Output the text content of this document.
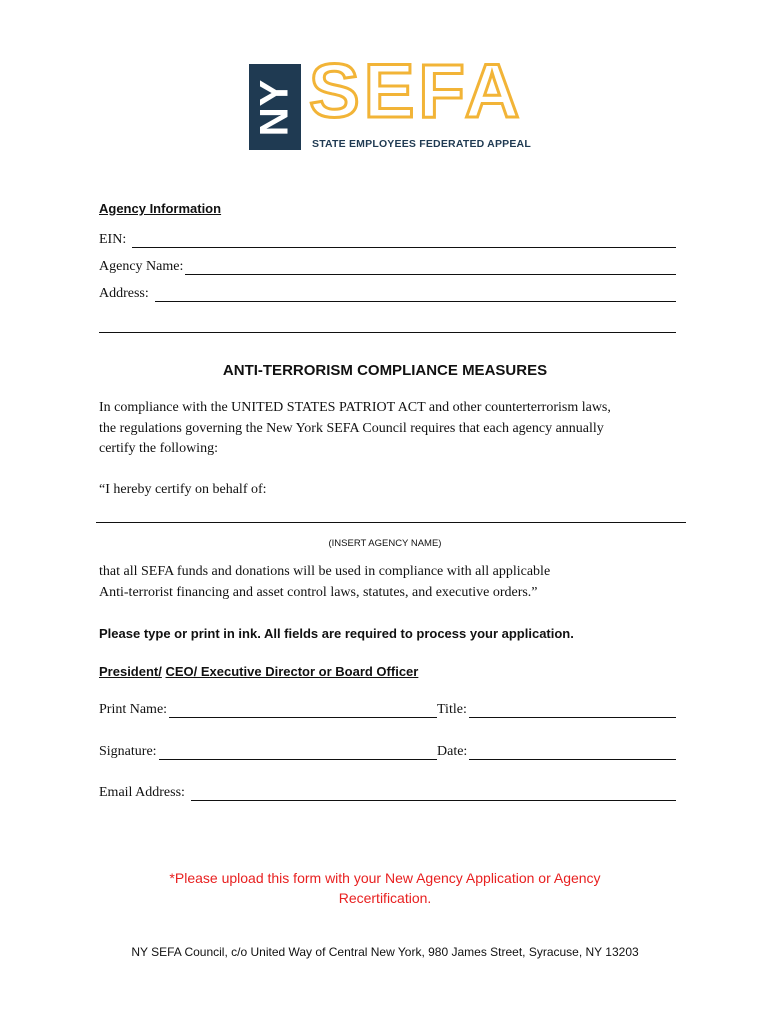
NY SEFA
STATE EMPLOYEES FEDERATED APPEAL
Agency Information
EIN:
Agency Name:
Address:
ANTI-TERRORISM COMPLIANCE MEASURES
In compliance with the UNITED STATES PATRIOT ACT and other counterterrorism laws,
the regulations governing the New York SEFA Council requires that each agency annually
certify the following:
“I hereby certify on behalf of:
(INSERT AGENCY NAME)
that all SEFA funds and donations will be used in compliance with all applicable
Anti-terrorist financing and asset control laws, statutes, and executive orders.”
Please type or print in ink. All fields are required to process your application.
President/ CEO/ Executive Director or Board Officer
Print Name:	Title:
Signature:	Date:
Email Address:
*Please upload this form with your New Agency Application or Agency
Recertification.
NY SEFA Council, c/o United Way of Central New York, 980 James Street, Syracuse, NY 13203
